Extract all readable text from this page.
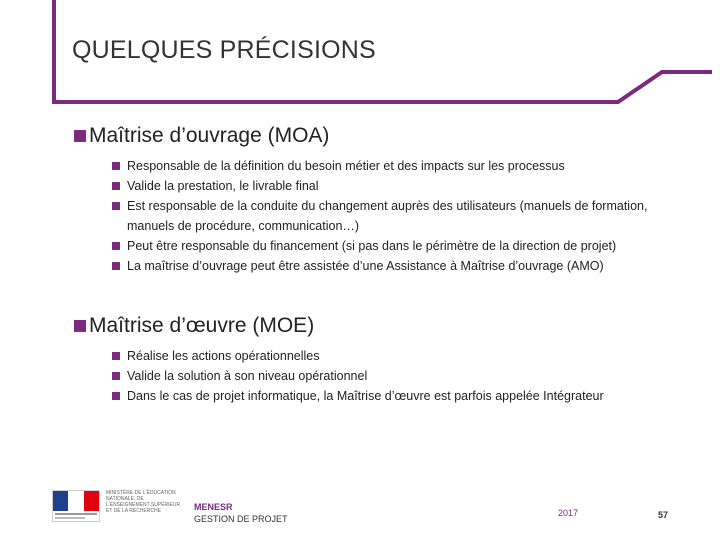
QUELQUES PRÉCISIONS
Maîtrise d’ouvrage (MOA)
Responsable de la définition du besoin métier et des impacts sur les processus
Valide la prestation, le livrable final
Est responsable de la conduite du changement auprès des utilisateurs (manuels de formation, manuels de procédure, communication…)
Peut être responsable du financement (si pas dans le périmètre de la direction de projet)
La maîtrise d’ouvrage peut être assistée d’une Assistance à Maîtrise d’ouvrage (AMO)
Maîtrise d’œuvre (MOE)
Réalise les actions opérationnelles
Valide la solution à son niveau opérationnel
Dans le cas de projet informatique, la Maîtrise d’œuvre est parfois appelée Intégrateur
MINISTÈRE DE L’ÉDUCATION NATIONALE, DE L’ENSEIGNEMENT SUPÉRIEUR ET DE LA RECHERCHE	MENESR
GESTION DE PROJET
2017	57
